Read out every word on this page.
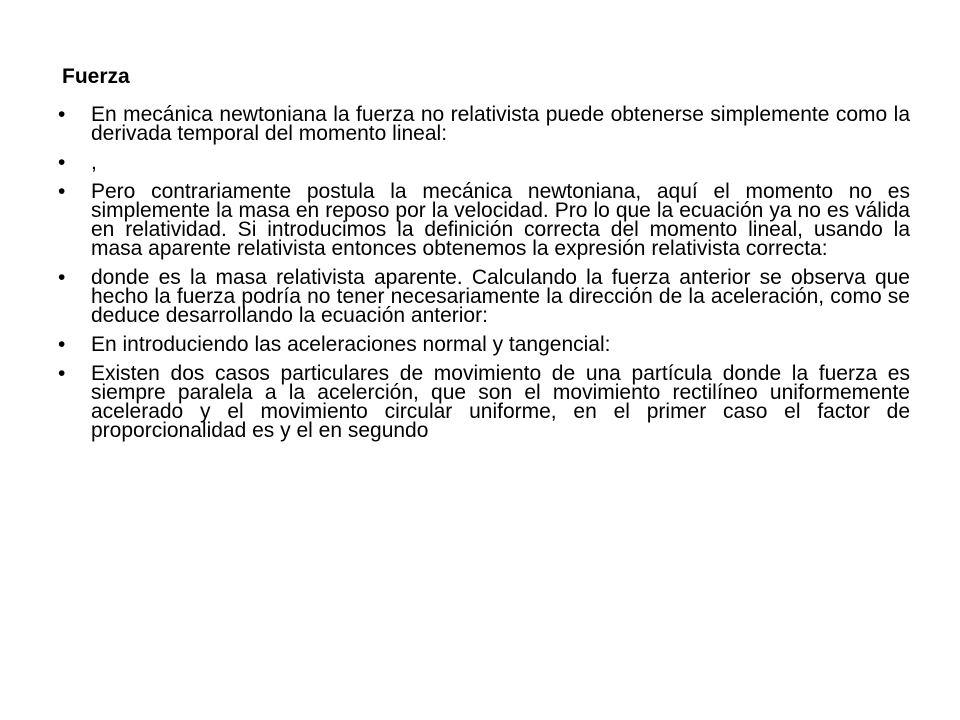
Fuerza
•	En mecánica newtoniana la fuerza no relativista puede obtenerse simplemente como la derivada temporal del momento lineal:
•	,
•	Pero contrariamente postula la mecánica newtoniana, aquí el momento no es simplemente la masa en reposo por la velocidad. Pro lo que la ecuación ya no es válida en relatividad. Si introducimos la definición correcta del momento lineal, usando la masa aparente relativista entonces obtenemos la expresión relativista correcta:
•	donde es la masa relativista aparente. Calculando la fuerza anterior se observa que hecho la fuerza podría no tener necesariamente la dirección de la aceleración, como se deduce desarrollando la ecuación anterior:
•	En introduciendo las aceleraciones normal y tangencial:
•	Existen dos casos particulares de movimiento de una partícula donde la fuerza es siempre paralela a la acelerción, que son el movimiento rectilíneo uniformemente acelerado y el movimiento circular uniforme, en el primer caso el factor de proporcionalidad es y el en segundo
